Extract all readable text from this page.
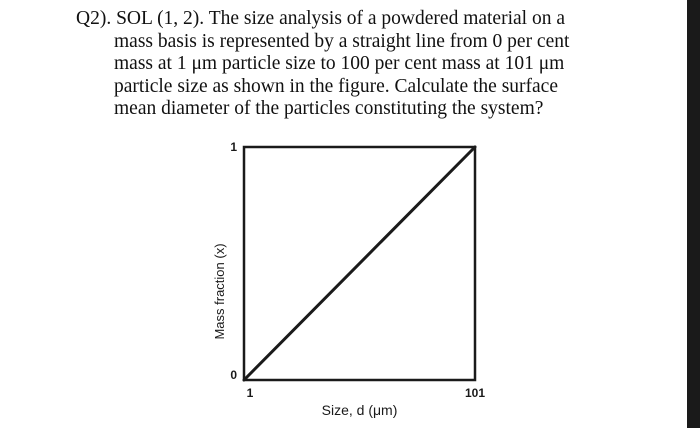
Q2). SOL (1, 2). The size analysis of a powdered material on a
mass basis is represented by a straight line from 0 per cent
mass at 1 μm particle size to 100 per cent mass at 101 μm
particle size as shown in the figure. Calculate the surface
mean diameter of the particles constituting the system?
1	101
0
1
Size, d (μm)
Mass fraction (x)
